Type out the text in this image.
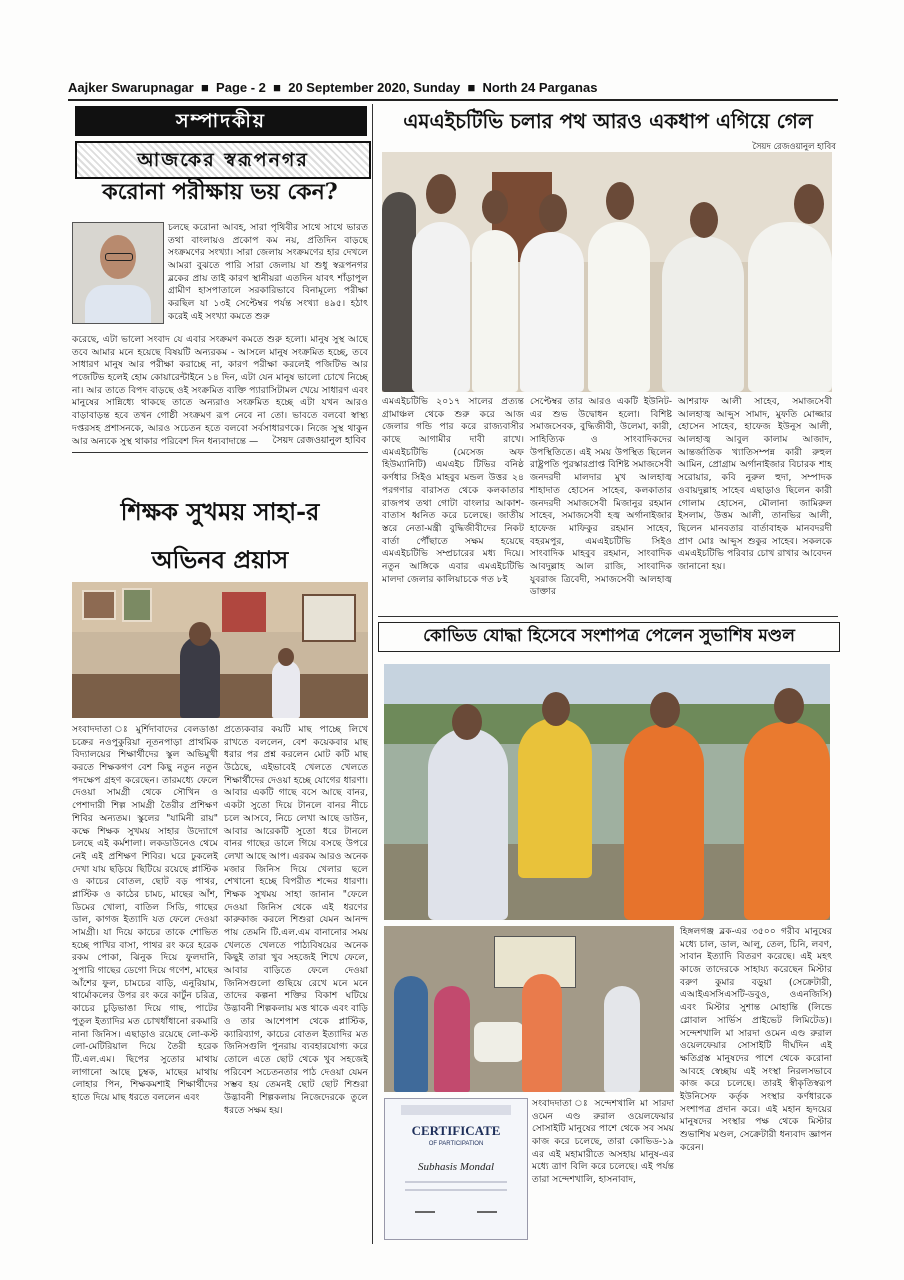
Aajker Swarupnagar  ■  Page - 2  ■  20 September 2020, Sunday  ■  North 24 Parganas
সম্পাদকীয়
আজকের স্বরূপনগর
করোনা পরীক্ষায় ভয় কেন?
চলছে করোনা আবহ, সারা পৃথিবীর সাথে সাথে ভারত তথা বাংলায়ও প্রকোপ কম নয়, প্রতিদিন বাড়ছে সংক্রমণের সংখ্যা। সারা জেলায় সংক্রমণের হার দেখলে আমরা বুঝতে পারি সারা জেলায় যা শুধু স্বরূপনগর ব্লকের প্রায় তাই কারণ স্থানীয়রা এতদিন যাবৎ শাঁড়াপুল গ্রামীণ হাসপাতালে সরকারিভাবে বিনামূল্যে পরীক্ষা করছিল যা ১৩ই সেপ্টেম্বর পর্যন্ত সংখ্যা ৪৯৫। হঠাৎ করেই এই সংখ্যা কমতে শুরু
করেছে, এটা ভালো সংবাদ যে এবার সংক্রমণ কমতে শুরু হলো। মানুষ সুস্থ আছে তবে আমার মনে হয়েছে বিষয়টি অন্যরকম - আসলে মানুষ সংক্রমিত হচ্ছে, তবে সাধারণ মানুষ আর পরীক্ষা করাচ্ছে না, কারণ পরীক্ষা করলেই পজিটিভ আর পজেটিভ হলেই হোম কোয়ারেন্টাইনে ১৪ দিন, এটা যেন মানুষ ভালো চোখে নিচ্ছে না। আর তাতে বিপদ বাড়ছে ওই সংক্রমিত ব্যক্তি প্যারাসিটামল খেয়ে সাধারণ এবং মানুষের সান্নিধ্যে থাকছে তাতে অন্যরাও সংক্রমিত হচ্ছে এটা যখন আরও বাড়াবাড়ন্ত হবে তখন গোষ্ঠী সংক্রমণ রূপ নেবে না তো। ভাবতে বলবো স্বাস্থ্য দপ্তরসহ প্রশাসনকে, আরও সচেতন হতে বলবো সর্বসাধারণকে। নিজে সুস্থ থাকুন আর অন্যকে সুস্থ থাকার পরিবেশ দিন ধন্যবাদান্তে —	সৈয়দ রেজওয়ানুল হাবিব
শিক্ষক সুখময় সাহা-র
অভিনব প্রয়াস
সংবাদদাতা ঃ মুর্শিদাবাদের বেলডাঙা চক্রের নওপুকুরিয়া নূতনপাড়া প্রাথমিক বিদ্যালয়ের শিক্ষার্থীদের স্কুল অভিমুখী করতে শিক্ষকগণ বেশ কিছু নতুন নতুন পদক্ষেপ গ্রহণ করেছেন। তারমধ্যে ফেলে দেওয়া সামগ্রী থেকে সৌখিন ও পেশাদারী শিল্প সামগ্রী তৈরীর প্রশিক্ষণ শিবির অন্যতম। স্কুলের "যামিনী রায়" কক্ষে শিক্ষক সুখময় সাহার উদ্যোগে চলছে এই কর্মশালা। লকডাউনেও থেমে নেই এই প্রশিক্ষণ শিবির। ঘরে ঢুকলেই দেখা যায় ছড়িয়ে ছিটিয়ে রয়েছে প্লাস্টিক ও কাচের বোতল, ছোট বড় পাথর, প্লাস্টিক ও কাঠের চামচ, মাছের আঁশ, ডিমের খোলা, বাতিল সিডি, গাছের ডাল, কাগজ ইত্যাদি যত ফেলে দেওয়া সামগ্রী। যা দিয়ে কাচের তাকে শোভিত হচ্ছে পাখির বাসা, পাথর রং করে হরেক রকম পোকা, ঝিনুক দিয়ে ফুলদানি, সুপারি গাছের ডেগো দিয়ে গণেশ, মাছের আঁশের ফুল, চামচের বাড়ি, এনুরিয়াম, থার্মোকলের উপর রং করে কার্টুন চরিত্র, কাচের চুড়িভাঙা দিয়ে গাছ, পাটের পুতুল ইত্যাদির মত চোখধাঁধানো রকমারি নানা জিনিস। এছাড়াও রয়েছে লো-কস্ট লো-মেটিরিয়াল দিয়ে তৈরী হরেক টি.এল.এম। ছিপের সুতোর মাথায় লাগানো আছে চুম্বক, মাছের মাথায় লোহার পিন, শিক্ষকমশাই শিক্ষার্থীদের হাতে দিয়ে মাছ ধরতে বললেন এবং
প্রত্যেকবার কয়টি মাছ পাচ্ছে লিখে রাখতে বললেন, বেশ কয়েকবার মাছ ধরার পর প্রশ্ন করলেন মোট কটি মাছ উঠেছে, এইভাবেই খেলতে খেলতে শিক্ষার্থীদের দেওয়া হচ্ছে যোগের ধারণা। আবার একটি গাছে বসে আছে বানর, একটা সুতো দিয়ে টানলে বানর নীচে চলে আসবে, নিচে লেখা আছে ডাউন, আবার আরেকটি সুতো ধরে টানলে বানর গাছের ডালে গিয়ে বসছে উপরে লেখা আছে আপ। এরকম আরও অনেক মজার জিনিস দিয়ে খেলার ছলে শেখানো হচ্ছে বিপরীত শব্দের ধারণা। শিক্ষক সুখময় সাহা জানান "ফেলে দেওয়া জিনিস থেকে এই ধরণের কারুকাজ করলে শিশুরা যেমন আনন্দ পায় তেমনি টি.এল.এম বানানোর সময় খেলতে খেলতে পাঠ্যবিষয়ের অনেক কিছুই তারা খুব সহজেই শিখে ফেলে, আবার বাড়িতে ফেলে দেওয়া জিনিসগুলো গুছিয়ে রেখে মনে মনে তাদের কল্পনা শক্তির বিকাশ ঘটিয়ে উদ্ভাবনী শিল্পকলায় মত্ত থাকে এবং বাড়ি ও তার আশেপাশ থেকে প্লাস্টিক, ক্যারিব্যাগ, কাচের বোতল ইত্যাদির মত জিনিসগুলি পুনরায় ব্যবহারযোগ্য করে তোলে এতে ছোট থেকে খুব সহজেই পরিবেশ সচেতনতার পাঠ দেওয়া যেমন সম্ভব হয় তেমনই ছোট ছোট শিশুরা উদ্ভাবনী শিল্পকলায় নিজেদেরকে তুলে ধরতে সক্ষম হয়।
এমএইচটিভি চলার পথ আরও একধাপ এগিয়ে গেল
সৈয়দ রেজওয়ানুল হাবিব
এমএইচটিভি ২০১৭ সালের প্রত্যন্ত গ্রামাঞ্চল থেকে শুরু করে আজ জেলার গন্ডি পার করে রাজ্যবাসীর কাছে আগামীর দাবী রাখে। এমএইচটিভি (মেসেজ অফ হিউম্যানিটি) এমএইচ টিভির বনিষ্ঠ কর্ণধার সিইও মাহবুব মন্ডল উত্তর ২৪ পরগণার বারাসত থেকে কলকাতার রাজপথ তথা গোটা বাংলার আকাশ-বাতাস ধ্বনিত করে চলেছে। জাতীয় স্তরে নেতা-মন্ত্রী বুদ্ধিজীবীদের নিকট বার্তা পৌঁছাতে সক্ষম হয়েছে এমএইচটিভি সম্প্রচারের মধ্য দিয়ে। নতুন আঙ্গিকে এবার এমএইচটিভি মালদা জেলার কালিয়াচকে গত ৮ই
সেপ্টেম্বর তার আরও একটি ইউনিট-এর শুভ উদ্বোধন হলো। বিশিষ্ট সমাজসেবক, বুদ্ধিজীবী, উলেমা, কারী, সাহিত্যিক ও সাংবাদিকদের উপস্থিতিতে। এই সময় উপস্থিত ছিলেন রাষ্ট্রপতি পুরস্কারপ্রাপ্ত বিশিষ্ট সমাজসেবী জনদরদী মালদার মুখ আলহাজ্ব শাহাদাত হোসেন সাহেব, কলকাতার জনদরদী সমাজসেবী মিজানুর রহমান সাহেব, সমাজসেবী হজ্ব অর্গানাইজার হাফেজ মাফিকুর রহমান সাহেব, বহরমপুর, এমএইচটিভি সিইও সাংবাদিক মাহবুব রহমান, সাংবাদিক আবদুল্লাহ আল রাজি, সাংবাদিক যুবরাজ ত্রিবেদী, সমাজসেবী আলহাজ্ব ডাক্তার
আশরাফ আলী সাহেব, সমাজসেবী আলহাজ্ব আব্দুস সামাদ, মুফতি মোজ্জার হোসেন সাহেব, হাফেজ ইউনুস আলী, আলহাজ্ব আবুল কালাম আজাদ, আন্তর্জাতিক খ্যাতিসম্পন্ন কারী রুহুল আমিন, প্রোগ্রাম অর্গানাইজার বিচারক শাহ সরোয়ার, কবি নুরুল হুদা, সম্পাদক ওবায়দুল্লাহ সাহেব এছাড়াও ছিলেন কারী গোলাম হোসেন, মৌলানা জামিরুল ইসলাম, উত্তম আলী, তানভির আলী, ছিলেন মানবতার বার্তাবাহক মানবদরদী প্রাণ মোঃ আব্দুস শুকুর সাহেব। সকলকে এমএইচটিভি পরিবার চোখ রাখার আবেদন জানানো হয়।
কোভিড যোদ্ধা হিসেবে সংশাপত্র পেলেন সুভাশিষ মণ্ডল
CERTIFICATE
OF PARTICIPATION
Subhasis Mondal
সংবাদদাতা ঃ সন্দেশখালি মা সারদা ওমেন এণ্ড রুরাল ওয়েলফেয়ার সোসাইটি মানুষের পাশে থেকে সব সময় কাজ করে চলেছে, তারা কোভিড-১৯ এর এই মহামারীতে অসহায় মানুষ-এর মধ্যে ত্রাণ বিলি করে চলেছে। এই পর্যন্ত তারা সন্দেশখালি, হাসনাবাদ,
হিঙ্গলগঞ্জ ব্লক-এর ৩৫০০ গরীব মানুষের মধ্যে চাল, ডাল, আলু, তেল, চিনি, লবণ, সাবান ইত্যাদি বিতরণ করেছে। এই মহৎ কাজে তাদেরকে সাহায্য করেছেন মিস্টার বরুণ কুমার বড়ুয়া (সেক্রেটারী, এআইএসসিএসটি-ডবুও, ওএনজিসি) এবং মিস্টার সুশান্ত মোহান্তি (লিন্ডে গ্লোবাল সার্ভিস প্রাইভেট লিমিটেড)। সন্দেশখালি মা সারদা ওমেন এণ্ড রুরাল ওয়েলফেয়ার সোসাইটি দীর্ঘদিন এই ক্ষতিগ্রস্ত মানুষদের পাশে থেকে করোনা আবহে স্বেচ্ছায় এই সংস্থা নিরলসভাবে কাজ করে চলেছে। তারই স্বীকৃতিস্বরূপ ইউনিসেফ কর্তৃক সংস্থার কর্ণধারকে সংশাপত্র প্রদান করে। এই মহান হৃদয়ের মানুষদের সংস্থার পক্ষ থেকে মিস্টার শুভাশিষ মণ্ডল, সেক্রেটারী ধন্যবাদ জ্ঞাপন করেন।
